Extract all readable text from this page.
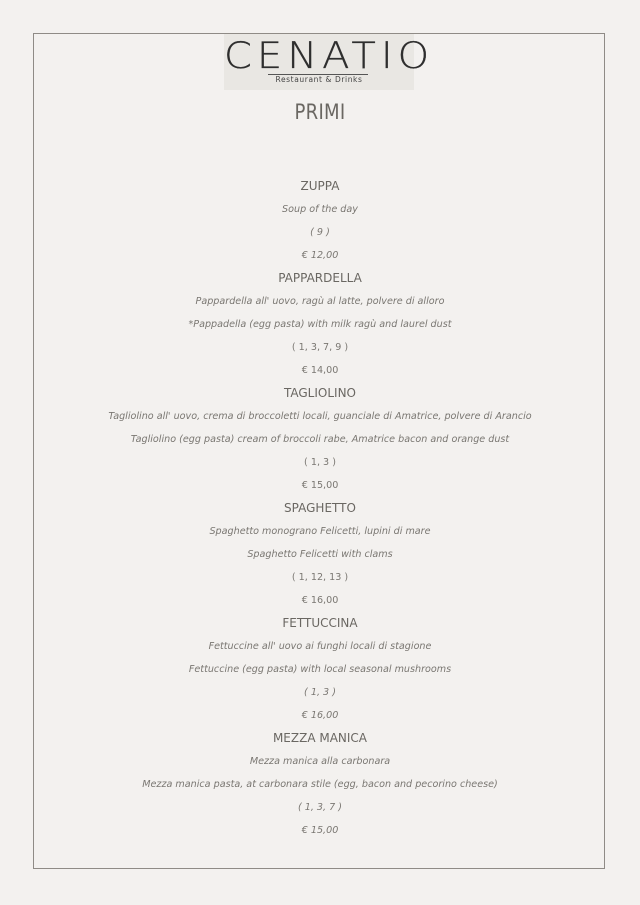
CENATIO
Restaurant & Drinks
PRIMI
ZUPPA
Soup of the day
( 9 )
€ 12,00
PAPPARDELLA
Pappardella all' uovo, ragù al latte, polvere di alloro
*Pappadella (egg pasta) with milk ragù and laurel dust
( 1, 3, 7, 9 )
€ 14,00
TAGLIOLINO
Tagliolino all' uovo, crema di broccoletti locali, guanciale di Amatrice, polvere di Arancio
Tagliolino (egg pasta) cream of broccoli rabe, Amatrice bacon and orange dust
( 1, 3 )
€ 15,00
SPAGHETTO
Spaghetto monograno Felicetti, lupini di mare
Spaghetto Felicetti with clams
( 1, 12, 13 )
€ 16,00
FETTUCCINA
Fettuccine all' uovo ai funghi locali di stagione
Fettuccine (egg pasta) with local seasonal mushrooms
( 1, 3 )
€ 16,00
MEZZA MANICA
Mezza manica alla carbonara
Mezza manica pasta, at carbonara stile (egg, bacon and pecorino cheese)
( 1, 3, 7 )
€ 15,00
